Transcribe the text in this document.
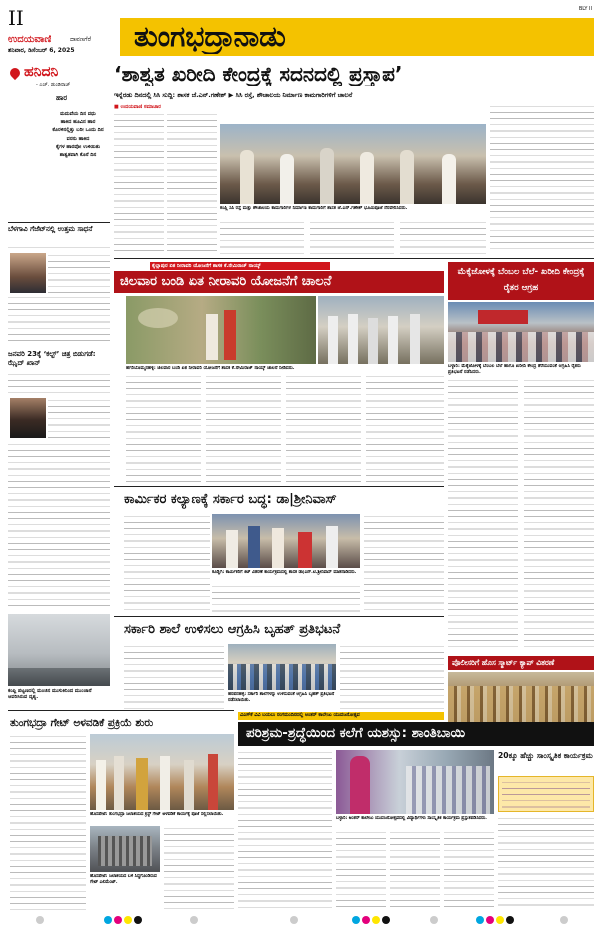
II
ಉದಯವಾಣಿ	ದಾವಣಗೆರೆ
ಶನಿವಾರ, ಡಿಸೆಂಬರ್ 6, 2025 ತುಂಗಭದ್ರಾನಾಡು
BLY II
ಹನಿದನಿ
- ಎಚ್. ಡುಂಡಿರಾಜ್
ಹಾರ
ಮದುವೆಯ ದಿನ ವಧು
ಹಾಕಿದ ಹೂವಿನ ಹಾರ
ಕೊರಳಿನಲ್ಲಿತ್ತು ಬರೀ ಒಂದು ದಿನ
ವರನು ಹಾಕಿದ
ಕೈಗಳ ಹಾರವೋ ಉಳಿಯಿತು
ಶಾಶ್ವತವಾಗಿ ಕೊನೆ ದಿನ
ಬೆಳಗಾವಿ ಗೆಜೆಟ್‌ನಲ್ಲಿ ಉತ್ತಮ ಸಾಧನೆ
ಜನವರಿ 23ಕ್ಕೆ ‘ಕಲ್ಟ್’ ಚಿತ್ರ ಬಿಡುಗಡೆ: ಝೈದ್ ಖಾನ್
ಕಂಪ್ಲಿ ಪಟ್ಟಣದಲ್ಲಿ ಮಂಜಿನ ಮುಸುಕಿನಿಂದ ಮುಂಜಾನೆ ಆವರಿಸಿರುವ ದೃಶ್ಯ.
‘ಶಾಶ್ವತ ಖರೀದಿ ಕೇಂದ್ರಕ್ಕೆ ಸದನದಲ್ಲಿ ಪ್ರಸ್ತಾಪ’
ಇನ್ನೆರಡು ದಿನದಲ್ಲಿ ಸಿಸಿ ಸುದ್ದಿ: ಶಾಸಕ ಜೆ.ಎನ್.ಗಣೇಶ್ ▶ ಸಿಸಿ ರಸ್ತೆ, ಶೌಚಾಲಯ ನಿರ್ಮಾಣ ಕಾಮಗಾರಿಗಳಿಗೆ ಚಾಲನೆ
■ ಉದಯವಾಣಿ ಸಮಾಚಾರ
ಕಂಪ್ಲಿ ಸಿಸಿ ರಸ್ತೆ ಮತ್ತು ಶೌಚಾಲಯ ಕಾಮಗಾರಿಗಳ ನಿರ್ಮಾಣ ಕಾಮಗಾರಿಗೆ ಶಾಸಕ ಜೆ.ಎನ್.ಗಣೇಶ್ ಭೂಮಿಪೂಜೆ ನೆರವೇರಿಸಿದರು.
ಕೈಲ್ಲಾಪುರ ಏತ ನೀರಾವರಿ ಯೋಜನೆಗೆ ಶಾಸಕ ಕೆ.ನೇಮಿರಾಜ್ ನಾಯ್ಕ್
ಚಿಲವಾರ ಬಂಡಿ ಏತ ನೀರಾವರಿ ಯೋಜನೆಗೆ ಚಾಲನೆ
ಹಗರಿಬೊಮ್ಮನಹಳ್ಳಿ: ಚಿಲವಾರ ಬಂಡಿ ಏತ ನೀರಾವರಿ ಯೋಜನೆಗೆ ಶಾಸಕ ಕೆ.ನೇಮಿರಾಜ್ ನಾಯ್ಕ್ ಚಾಲನೆ ನೀಡಿದರು.
ಮೆಕ್ಕೆಜೋಳಕ್ಕೆ ಬೆಂಬಲ ಬೆಲೆ- ಖರೀದಿ ಕೇಂದ್ರಕ್ಕೆ ರೈತರ ಆಗ್ರಹ
ಬಳ್ಳಾರಿ: ಮೆಕ್ಕೆಜೋಳಕ್ಕೆ ಬೆಂಬಲ ಬೆಲೆ ಹಾಗೂ ಖರೀದಿ ಕೇಂದ್ರ ತೆರೆಯುವಂತೆ ಆಗ್ರಹಿಸಿ ರೈತರು ಪ್ರತಿಭಟನೆ ನಡೆಸಿದರು.
ಕಾರ್ಮಿಕರ ಕಲ್ಯಾಣಕ್ಕೆ ಸರ್ಕಾರ ಬದ್ಧ: ಡಾ|ಶ್ರೀನಿವಾಸ್
ಕೂಡ್ಲಿಗಿ: ಕಾರ್ಮಿಕರಿಗೆ ಕಿಟ್ ವಿತರಣೆ ಕಾರ್ಯಕ್ರಮದಲ್ಲಿ ಶಾಸಕ ಡಾ|ಎನ್.ಟಿ.ಶ್ರೀನಿವಾಸ್ ಮಾತನಾಡಿದರು.
ಪೊಲೀಸರಿಗೆ ಹೊಸ ಸ್ಮಾರ್ಟ್ ಕ್ಯಾಪ್ ವಿತರಣೆ
ಸರ್ಕಾರಿ ಶಾಲೆ ಉಳಿಸಲು ಆಗ್ರಹಿಸಿ ಬೃಹತ್ ಪ್ರತಿಭಟನೆ
ಹರಪನಹಳ್ಳಿ: ಸರ್ಕಾರಿ ಶಾಲೆಗಳನ್ನು ಉಳಿಸುವಂತೆ ಆಗ್ರಹಿಸಿ ಬೃಹತ್ ಪ್ರತಿಭಟನೆ ನಡೆಸಲಾಯಿತು.
ತುಂಗಭದ್ರಾ ಗೇಟ್ ಅಳವಡಿಕೆ ಪ್ರಕ್ರಿಯೆ ಶುರು
ಹೊಸಪೇಟೆ: ತುಂಗಭದ್ರಾ ಜಲಾಶಯದ ಕ್ರಸ್ಟ್ ಗೇಟ್ ಅಳವಡಿಕೆ ಕಾರ್ಯಕ್ಕೆ ಪೂಜೆ ಸಲ್ಲಿಸಲಾಯಿತು.
ಹೊಸಪೇಟೆ: ಜಲಾಶಯದ ಬಳಿ ಸಿದ್ಧಗೊಂಡಿರುವ ಗೇಟ್ ಎಲಿಮೆಂಟ್.
ವಿಎಸ್‌ಕೆ ವಿವಿ ಬಯಲು ರಂಗಮಂದಿರದಲ್ಲಿ ಅಂತರ್ ಕಾಲೇಜು ಯುವಜನೋತ್ಸವ
ಪರಿಶ್ರಮ-ಶ್ರದ್ಧೆಯಿಂದ ಕಲೆಗೆ ಯಶಸ್ಸು: ಶಾಂತಿಬಾಯಿ
ಬಳ್ಳಾರಿ: ಅಂತರ್ ಕಾಲೇಜು ಯುವಜನೋತ್ಸವದಲ್ಲಿ ವಿದ್ಯಾರ್ಥಿಗಳು ಸಾಂಸ್ಕೃತಿಕ ಕಾರ್ಯಕ್ರಮ ಪ್ರಸ್ತುತಪಡಿಸಿದರು.
20ಕ್ಕೂ ಹೆಚ್ಚು ಸಾಂಸ್ಕೃತಿಕ ಕಾರ್ಯಕ್ರಮ
